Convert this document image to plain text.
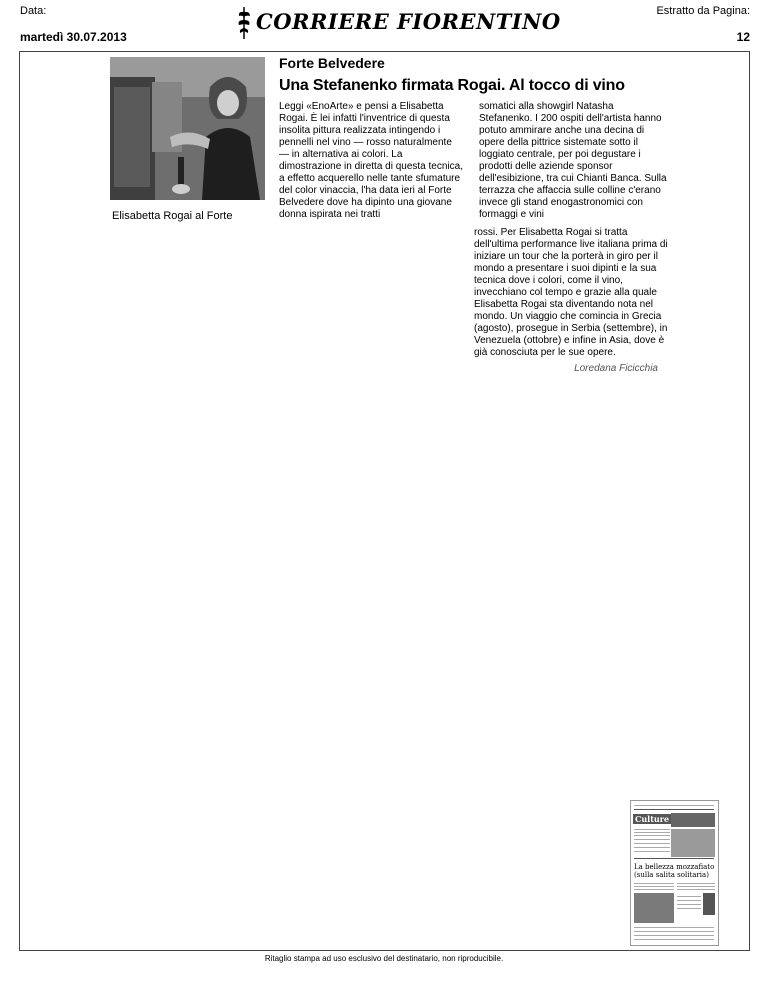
Data:
martedì 30.07.2013
Estratto da Pagina:
12
CORRIERE FIORENTINO
Elisabetta Rogai al Forte
Forte Belvedere
Una Stefanenko firmata Rogai. Al tocco di vino

Leggi «EnoArte» e pensi a Elisabetta Rogai. È lei infatti l'inventrice di questa insolita pittura realizzata intingendo i pennelli nel vino — rosso naturalmente — in alternativa ai colori. La dimostrazione in diretta di questa tecnica, a effetto acquerello nelle tante sfumature del color vinaccia, l'ha data ieri al Forte Belvedere dove ha dipinto una giovane donna ispirata nei tratti

somatici alla showgirl Natasha Stefanenko. I 200 ospiti dell'artista hanno potuto ammirare anche una decina di opere della pittrice sistemate sotto il loggiato centrale, per poi degustare i prodotti delle aziende sponsor dell'esibizione, tra cui Chianti Banca. Sulla terrazza che affaccia sulle colline c'erano invece gli stand enogastronomici con formaggi e vini

rossi. Per Elisabetta Rogai si tratta dell'ultima performance live italiana prima di iniziare un tour che la porterà in giro per il mondo a presentare i suoi dipinti e la sua tecnica dove i colori, come il vino, invecchiano col tempo e grazie alla quale Elisabetta Rogai sta diventando nota nel mondo. Un viaggio che comincia in Grecia (agosto), prosegue in Serbia (settembre), in Venezuela (ottobre) e infine in Asia, dove è già conosciuta per le sue opere.

Loredana Ficicchia
Culture
La bellezza mozzafiato (sulla salita solitaria)
Ritaglio stampa ad uso esclusivo del destinatario, non riproducibile.
